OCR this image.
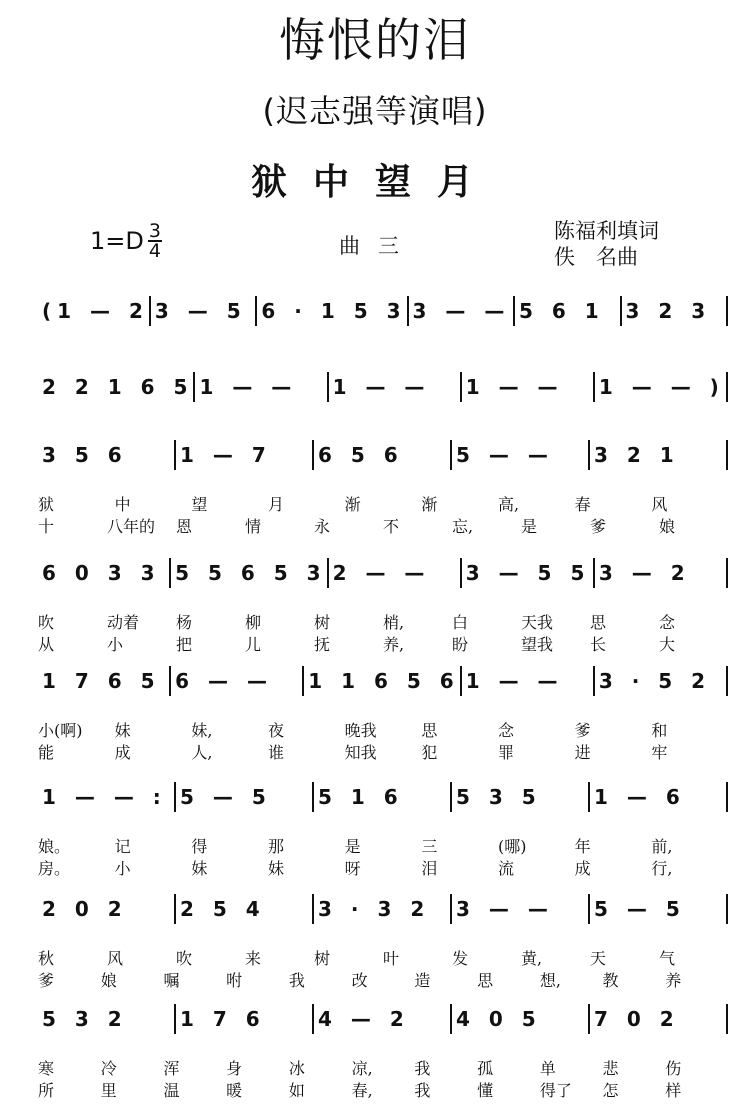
悔恨的泪
(迟志强等演唱)
狱中望月
$1=D \frac{3}{4}$	曲三
陈福利填词
佚　名曲
(1 — 2 3 — 5 6 · 1 5 3 3 — — 5 6 1	3 2 3
2 2 1 6 5 1 — —	1 — —	1 — —	1 — — )
3 5 6	1 — 7	6 5 6	5 — —	3 2 1
狱	中	望	月	渐	渐	高,	春	风
十	八年的 恩	情	永	不	忘,	是	爹	娘
6 0 3 3 5 5 6 5 3 2 — —	3 — 5 5 3 — 2
吹	动着 杨	柳	树	梢,	白	天我 思	念
从	小	把	儿	抚	养,	盼	望我 长	大
1 7 6 5 6 — —	1 1 6 5 6 1 — —	3 · 5 2
小(啊) 妹	妹,	夜	晚我	思	念	爹	和
能	成	人,	谁	知我	犯	罪	进	牢
1 — — : 5 — 5	5 1 6	5 3 5	1 — 6
娘。	记	得	那	是	三	(哪)	年	前,
房。	小	妹	妹	呀	泪	流	成	行,
2 0 2	2 5 4	3 · 3 2	3 — —	5 — 5
秋	风	吹	来	树	叶	发	黄,	天	气
爹	娘	嘱	咐	我	改	造	思	想,	教	养
5 3 2	1 7 6	4 — 2	4 0 5	7 0 2
寒	冷	浑	身	冰	凉,	我	孤	单	悲	伤
所	里	温	暖	如	春,	我	懂	得了 怎	样
